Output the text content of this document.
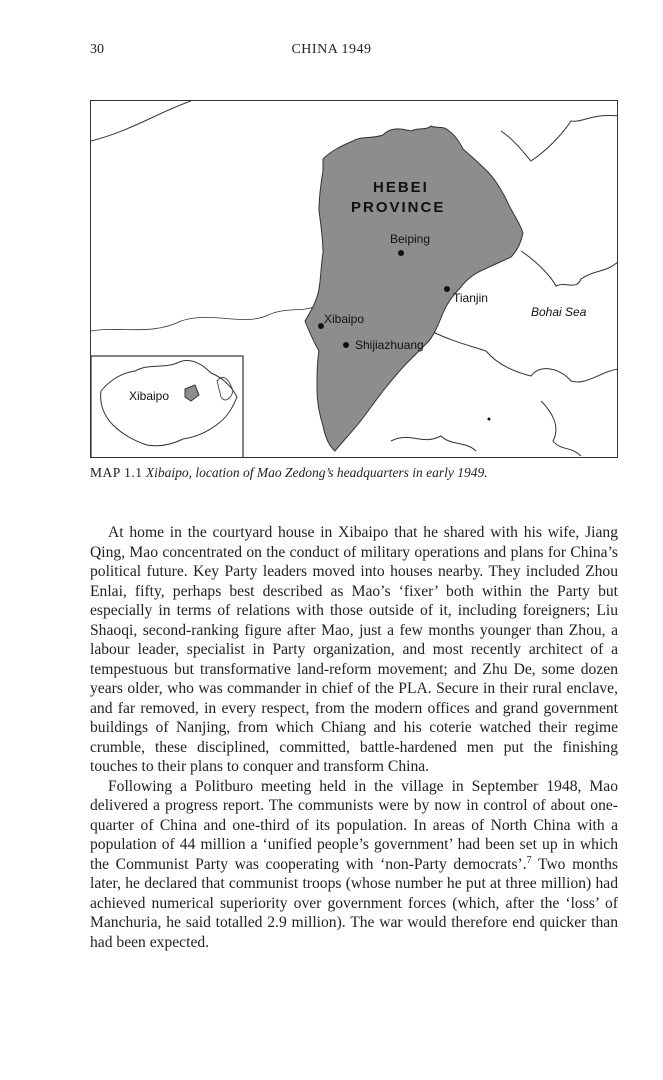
30	CHINA 1949
HEBEI
PROVINCE
Beiping
Tianjin
Xibaipo
Shijiazhuang
Bohai Sea
Xibaipo
MAP 1.1 Xibaipo, location of Mao Zedong’s headquarters in early 1949.

At home in the courtyard house in Xibaipo that he shared with his wife, Jiang Qing, Mao concentrated on the conduct of military operations and plans for China’s political future. Key Party leaders moved into houses nearby. They included Zhou Enlai, fifty, perhaps best described as Mao’s ‘fixer’ both within the Party but especially in terms of relations with those outside of it, including foreigners; Liu Shaoqi, second-ranking figure after Mao, just a few months younger than Zhou, a labour leader, specialist in Party organization, and most recently architect of a tempestuous but transformative land-reform movement; and Zhu De, some dozen years older, who was commander in chief of the PLA. Secure in their rural enclave, and far removed, in every respect, from the modern offices and grand government buildings of Nanjing, from which Chiang and his coterie watched their regime crumble, these disciplined, committed, battle-hardened men put the finishing touches to their plans to conquer and transform China.

Following a Politburo meeting held in the village in September 1948, Mao delivered a progress report. The communists were by now in control of about one-quarter of China and one-third of its population. In areas of North China with a population of 44 million a ‘unified people’s government’ had been set up in which the Communist Party was cooperating with ‘non-Party democrats’.$^7$ Two months later, he declared that communist troops (whose number he put at three million) had achieved numerical superiority over government forces (which, after the ‘loss’ of Manchuria, he said totalled 2.9 million). The war would therefore end quicker than had been expected.
